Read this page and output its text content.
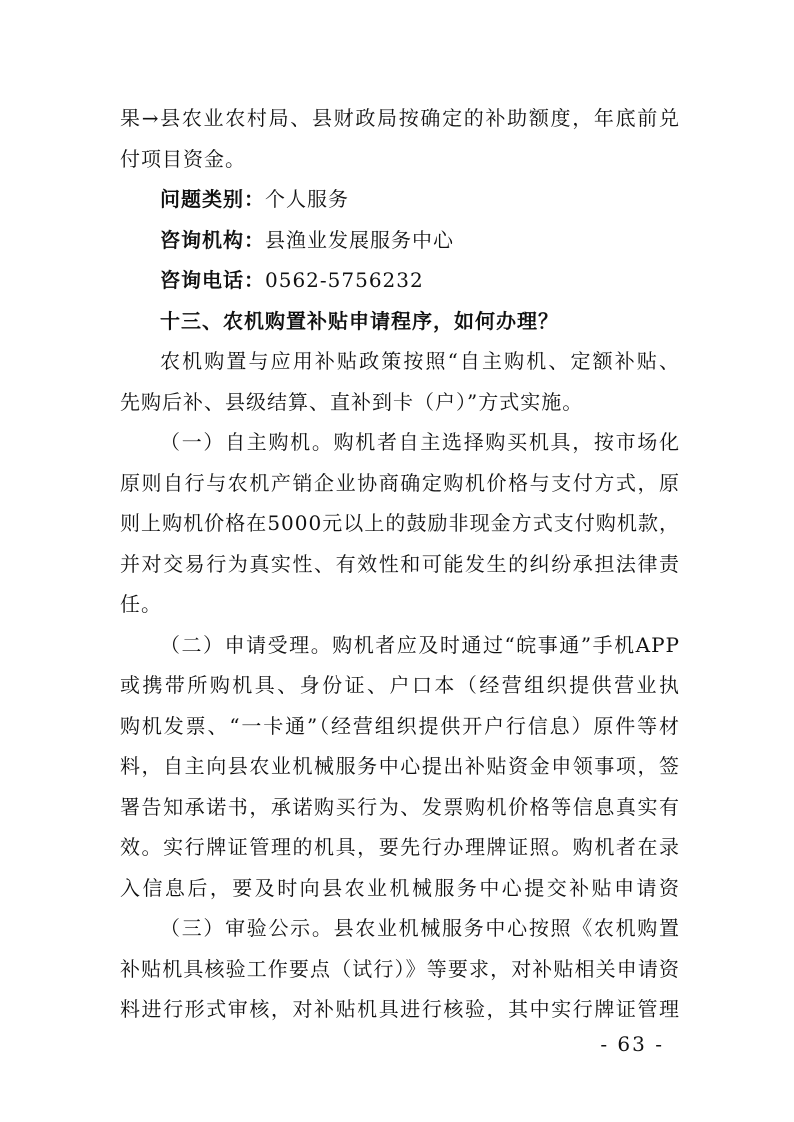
果→县农业农村局、县财政局按确定的补助额度，年底前兑
付项目资金。
问题类别：个人服务
咨询机构：县渔业发展服务中心
咨询电话：0562-5756232
十三、农机购置补贴申请程序，如何办理？
农机购置与应用补贴政策按照“自主购机、定额补贴、
先购后补、县级结算、直补到卡（户）”方式实施。
（一）自主购机。购机者自主选择购买机具，按市场化
原则自行与农机产销企业协商确定购机价格与支付方式，原
则上购机价格在5000元以上的鼓励非现金方式支付购机款，
并对交易行为真实性、有效性和可能发生的纠纷承担法律责
任。
（二）申请受理。购机者应及时通过“皖事通”手机APP
或携带所购机具、身份证、户口本（经营组织提供营业执
购机发票、“一卡通”（经营组织提供开户行信息）原件等材
料，自主向县农业机械服务中心提出补贴资金申领事项，签
署告知承诺书，承诺购买行为、发票购机价格等信息真实有
效。实行牌证管理的机具，要先行办理牌证照。购机者在录
入信息后，要及时向县农业机械服务中心提交补贴申请资
（三）审验公示。县农业机械服务中心按照《农机购置
补贴机具核验工作要点（试行）》等要求，对补贴相关申请资
料进行形式审核，对补贴机具进行核验，其中实行牌证管理
- 63 -
